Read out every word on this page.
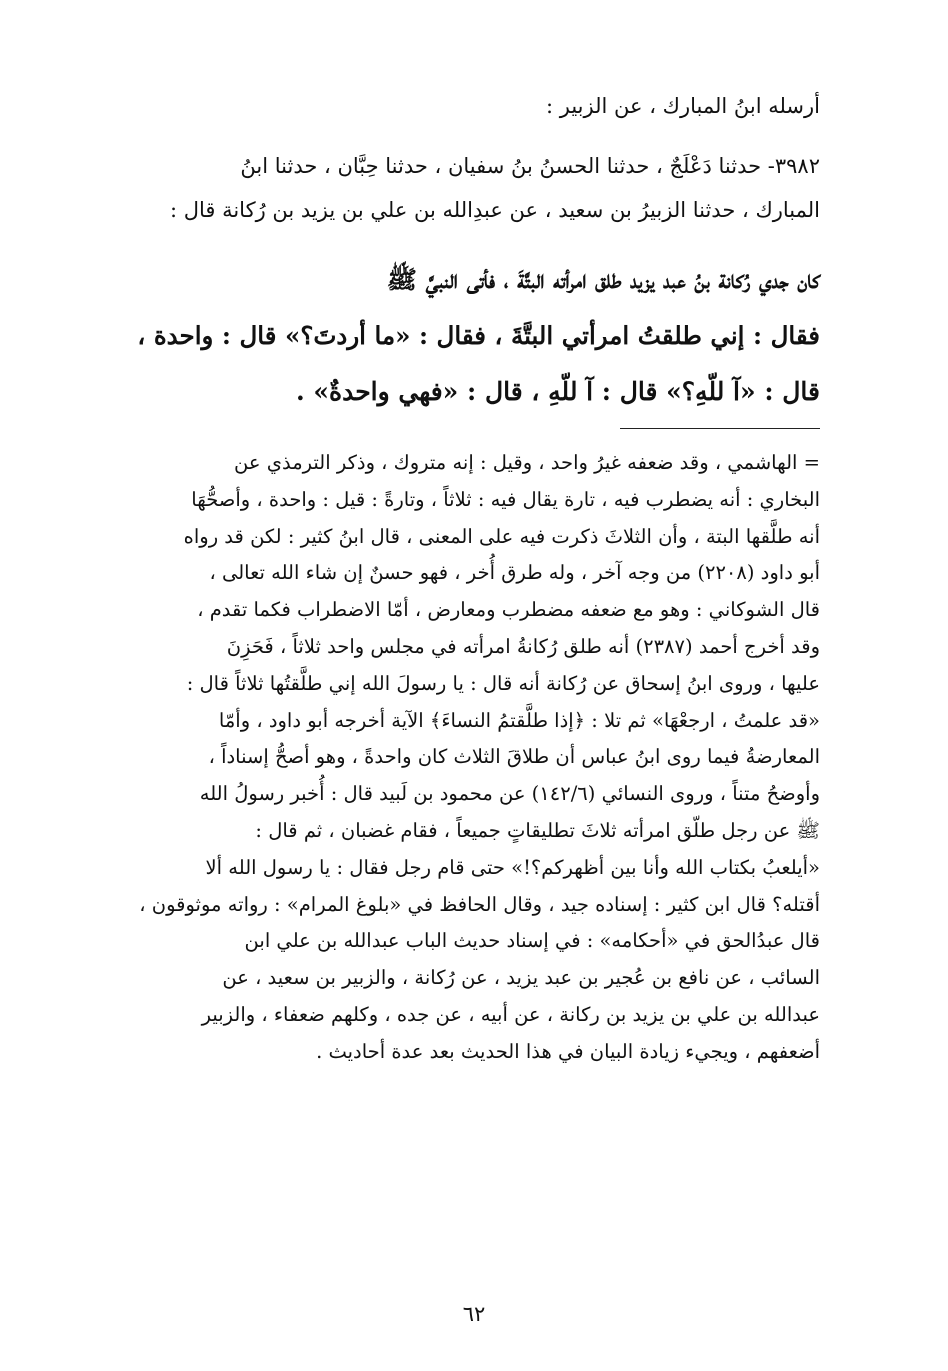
أرسله ابنُ المبارك ، عن الزبير :
٣٩٨٢- حدثنا دَعْلَجٌ ، حدثنا الحسنُ بنُ سفيان ، حدثنا حِبَّان ، حدثنا ابنُ
المبارك ، حدثنا الزبيرُ بن سعيد ، عن عبدِالله بن علي بن يزيد بن رُكانة قال :
كان جدي رُكانة بنُ عبد يزيد طلق امرأته البتَّةَ ، فأتى النبيَّ ﷺ
فقال : إني طلقتُ امرأتي البتَّةَ ، فقال : «ما أردتَ؟» قال : واحدة ،
قال : «آ للّهِ؟» قال : آ للّهِ ، قال : «فهي واحدةٌ» .
= الهاشمي ، وقد ضعفه غيرُ واحد ، وقيل : إنه متروك ، وذكر الترمذي عن
البخاري : أنه يضطرب فيه ، تارة يقال فيه : ثلاثاً ، وتارةً : قيل : واحدة ، وأصحُّهَا
أنه طلَّقها البتة ، وأن الثلاثَ ذكرت فيه على المعنى ، قال ابنُ كثير : لكن قد رواه
أبو داود (٢٢٠٨) من وجه آخر ، وله طرق أُخر ، فهو حسنٌ إن شاء الله تعالى ،
قال الشوكاني : وهو مع ضعفه مضطرب ومعارض ، أمّا الاضطراب فكما تقدم ،
وقد أخرج أحمد (٢٣٨٧) أنه طلق رُكانةُ امرأته في مجلس واحد ثلاثاً ، فَحَزِنَ
عليها ، وروى ابنُ إسحاق عن رُكانة أنه قال : يا رسولَ الله إني طلَّقتُها ثلاثاً قال :
«قد علمتُ ، ارجعْهَا» ثم تلا : ﴿إذا طلَّقتمُ النساءَ﴾ الآية أخرجه أبو داود ، وأمّا
المعارضةُ فيما روى ابنُ عباس أن طلاقَ الثلاث كان واحدةً ، وهو أصحُّ إسناداً ،
وأوضحُ متناً ، وروى النسائي (١٤٢/٦) عن محمود بن لَبيد قال : أُخبر رسولُ الله
ﷺ عن رجل طلّق امرأته ثلاثَ تطليقاتٍ جميعاً ، فقام غضبان ، ثم قال :
«أيلعبُ بكتاب الله وأنا بين أظهركم؟!» حتى قام رجل فقال : يا رسول الله ألا
أقتله؟ قال ابن كثير : إسناده جيد ، وقال الحافظ في «بلوغ المرام» : رواته موثوقون ،
قال عبدُالحق في «أحكامه» : في إسناد حديث الباب عبدالله بن علي ابن
السائب ، عن نافع بن عُجير بن عبد يزيد ، عن رُكانة ، والزبير بن سعيد ، عن
عبدالله بن علي بن يزيد بن ركانة ، عن أبيه ، عن جده ، وكلهم ضعفاء ، والزبير
أضعفهم ، ويجيء زيادة البيان في هذا الحديث بعد عدة أحاديث .
٦٢
